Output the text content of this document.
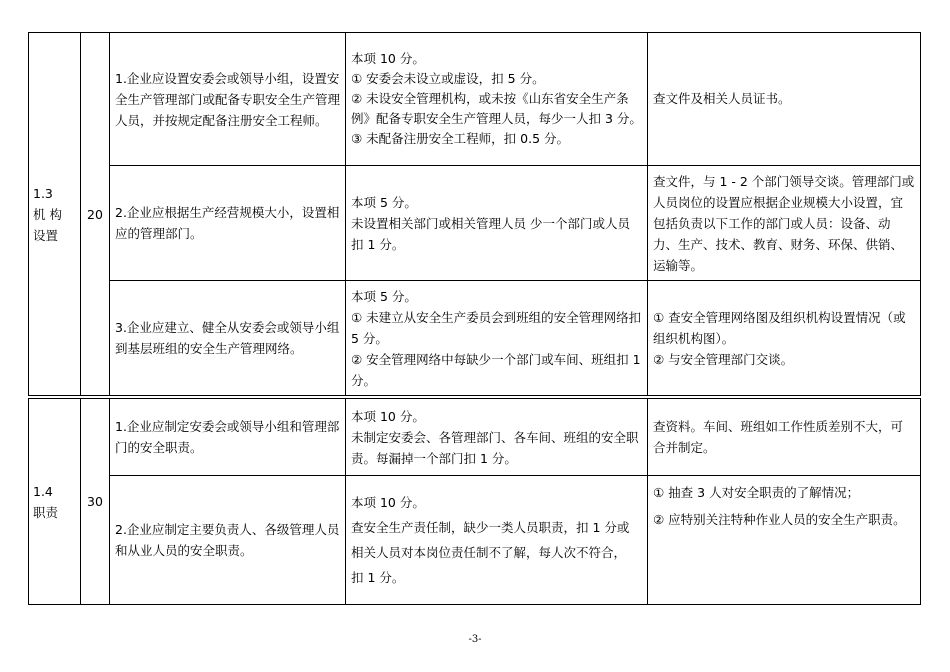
1.3
机 构 设置	20	1.企业应设置安委会或领导小组，设置安全生产管理部门或配备专职安全生产管理人员，并按规定配备注册安全工程师。	本项 10 分。
① 安委会未设立或虚设，扣 5 分。
② 未设安全管理机构，或未按《山东省安全生产条例》配备专职安全生产管理人员，每少一人扣 3 分。
③ 未配备注册安全工程师，扣 0.5 分。	查文件及相关人员证书。

		2.企业应根据生产经营规模大小，设置相应的管理部门。	本项 5 分。
未设置相关部门或相关管理人员 少一个部门或人员扣 1 分。	查文件，与 1 - 2 个部门领导交谈。管理部门或人员岗位的设置应根据企业规模大小设置，宜包括负责以下工作的部门或人员：设备、动力、生产、技术、教育、财务、环保、供销、运输等。

		3.企业应建立、健全从安委会或领导小组到基层班组的安全生产管理网络。	本项 5 分。
① 未建立从安全生产委员会到班组的安全管理网络扣 5 分。
② 安全管理网络中每缺少一个部门或车间、班组扣 1 分。	① 查安全管理网络图及组织机构设置情况（或组织机构图）。
② 与安全管理部门交谈。

1.4
职责	30	1.企业应制定安委会或领导小组和管理部门的安全职责。	本项 10 分。
未制定安委会、各管理部门、各车间、班组的安全职责。每漏掉一个部门扣 1 分。	查资料。车间、班组如工作性质差别不大，可合并制定。

		2.企业应制定主要负责人、各级管理人员和从业人员的安全职责。	本项 10 分。
查安全生产责任制，缺少一类人员职责，扣 1 分或
相关人员对本岗位责任制不了解，每人次不符合，
扣 1 分。	① 抽查 3 人对安全职责的了解情况；
② 应特别关注特种作业人员的安全生产职责。
-3-
